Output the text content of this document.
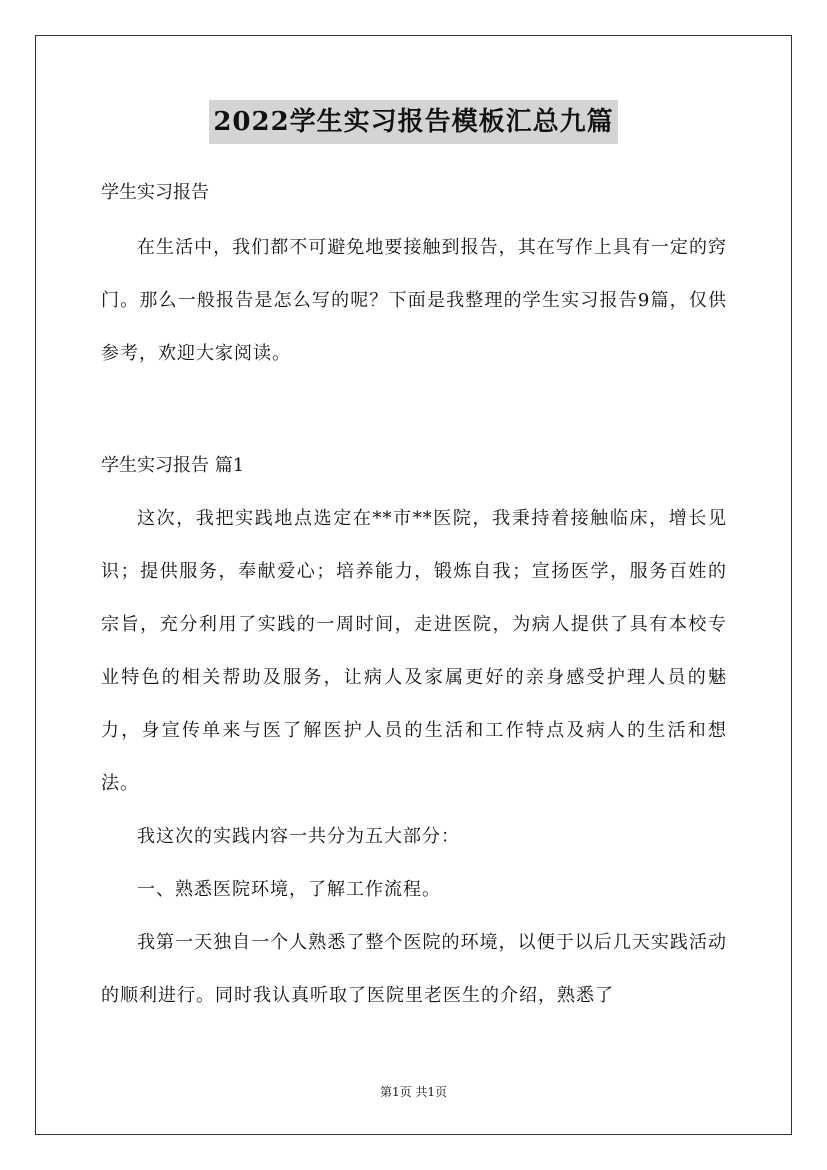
2022学生实习报告模板汇总九篇
学生实习报告

在生活中，我们都不可避免地要接触到报告，其在写作上具有一定的窍门。那么一般报告是怎么写的呢？下面是我整理的学生实习报告9篇，仅供参考，欢迎大家阅读。

学生实习报告 篇1

这次，我把实践地点选定在**市**医院，我秉持着接触临床，增长见识；提供服务，奉献爱心；培养能力，锻炼自我；宣扬医学，服务百姓的宗旨，充分利用了实践的一周时间，走进医院，为病人提供了具有本校专业特色的相关帮助及服务，让病人及家属更好的亲身感受护理人员的魅力，身宣传单来与医了解医护人员的生活和工作特点及病人的生活和想法。

我这次的实践内容一共分为五大部分：

一、熟悉医院环境，了解工作流程。

我第一天独自一个人熟悉了整个医院的环境，以便于以后几天实践活动的顺利进行。同时我认真听取了医院里老医生的介绍，熟悉了

第1页 共1页
